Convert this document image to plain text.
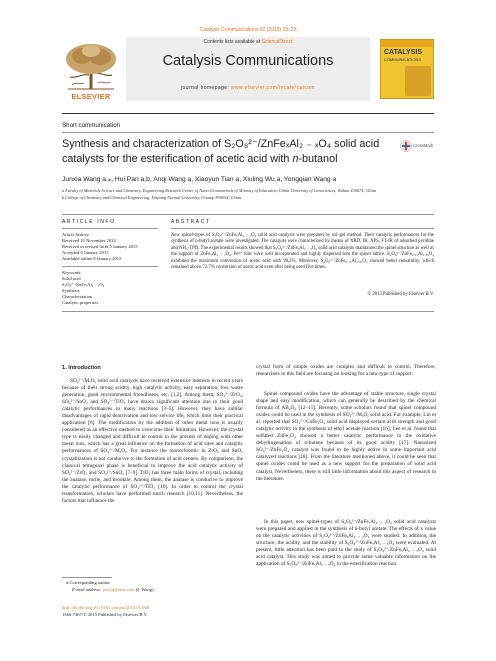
Catalysis Communications 62 (2015) 29–33
ELSEVIER
Contents lists available at ScienceDirect
Catalysis Communications
journal homepage: www.elsevier.com/locate/catcom
CATALYSIS
COMMUNICATIONS
Short communication
Synthesis and characterization of S₂O₈²⁻/ZnFeₓAl₂ ₋ ₓO₄ solid acid
catalysts for the esterification of acetic acid with n-butanol
CrossMark
Junxia Wang a,⁎, Hui Pan a,b, Anqi Wang a, Xiaoyun Tian a, Xiuling Wu a, Yongqian Wang a
a Faculty of Materials Science and Chemistry, Engineering Research Center of Nano-Geomaterials of Ministry of Education, China University of Geosciences, Wuhan 430074, China
b College of Chemistry and Chemical Engineering, Xinjiang Normal University, Urumqi 830054, China
ARTICLE INFO
Article history:
Received 10 November 2014
Received in revised form 5 January 2015
Accepted 6 January 2015
Available online 8 January 2015
Keywords:
Solid acid
S₂O₈²⁻/ZnFeₓAl₂ ₋ ₓO₄
Synthesis
Characterization
Catalytic properties
ABSTRACT
New spinel-types of S₂O₈²⁻/ZnFeₓAl₂ ₋ ₓO₄ solid acid catalysts were prepared by sol–gel method. Their catalytic performances for the synthesis of n-butyl acetate were investigated. The catalysts were characterized by means of XRD, IR, XPS, FT-IR of adsorbed pyridine and NH₃-TPD. The experimental results showed that S₂O₈²⁻/ZnFeₓAl₂ ₋ ₓO₄ solid acid catalysts maintained the spinel structure as well as the support of ZnFeₓAl₂ ₋ ₓO₄. Fe³⁺ ions were well incorporated and highly dispersed into the spinel lattice. S₂O₈²⁻/ZnFe₀.₁₅Al₁.₈₅O₄ exhibited the maximum conversion of acetic acid with 98.2%. Moreover, S₂O₈²⁻/ZnFe₀.₁₅Al₁.₈₅O₄ showed better reusability, which remained above 72.7% conversion of acetic acid even after being used five times.
© 2015 Published by Elsevier B.V.
1. Introduction
SO₄²⁻/MₓOᵧ solid acid catalysts have received extensive interests in recent years because of their strong acidity, high catalytic activity, easy separation, low waste generation, good environmental friendliness, etc. [1,2]. Among them, SO₄²⁻/ZrO₂, SO₄²⁻/SnO₂ and SO₄²⁻/TiO₂ have drawn significant attention due to their good catalytic performances in many reactions [3–5]. However, they have similar disadvantages of rapid deactivation and low service life, which limit their practical application [6]. The modification by the addition of other metal ions is usually considered as an effective method to overcome their limitation. However, the crystal type is easily changed and difficult to control in the process of doping with other metal ions, which has a great influence on the formation of acid sites and catalytic performances of SO₄²⁻/MₓOᵧ. For instance the monochromic in ZrO₂ and SnO₂ crystallization is not conducive to the formation of acid centers. By comparison, the classical tetragonal phase is beneficial to improve the acid catalytic activity of SO₄²⁻/ZrO₂ and SO₄²⁻/SnO₂ [7–9]. TiO₂ has three main forms of crystal, including the anatase, rutile, and brookite. Among them, the anatase is conducive to improve the catalytic performance of SO₄²⁻/TiO₂ [10]. In order to control the crystal transformation, scholars have performed much research [10,11]. Nevertheless, the factors that influence the
crystal form of simple oxides are complex and difficult to control. Therefore, researchers in this field are focusing on looking for a new type of support.
Spinel compound oxides have the advantage of stable structure, single crystal shape and easy modification, which can generally be described by the chemical formula of AB₂O₄ [12–15]. Recently, some scholars found that spinel compound oxides could be used in the synthesis of SO₄²⁻/MₓOᵧ solid acid. For example, Lin et al. reported that SO₄²⁻/CoFe₂O₄ solid acid displayed certain acid strength and good catalytic activity in the synthesis of ethyl acetate reaction [16]. Lee et al. found that sulfated ZnFe₂O₄ showed a better catalytic performance in the oxidative dehydrogenation of n-butene because of its good acidity [17]. Nanosized SO₄²⁻/ZnFe₂O₄ catalyst was found to be highly active in some important acid catalyzed reactions [18]. From the literature mentioned above, it could be seen that spinel oxides could be used as a new support for the preparation of solid acid catalyst. Nevertheless, there is still little information about this aspect of research in the literature.
In this paper, new spinel-types of S₂O₈²⁻/ZnFeₓAl₂ ₋ ₓO₄ solid acid catalysts were prepared and applied in the synthesis of n-butyl acetate. The effects of x value on the catalytic activities of S₂O₈²⁻/ZnFeₓAl₂ ₋ ₓO₄ were studied. In addition, the structure, the acidity, and the stability of S₂O₈²⁻/ZnFeₓAl₂ ₋ ₓO₄ were evaluated. At present, little attention has been paid to the study of S₂O₈²⁻/ZnFeₓAl₂ ₋ ₓO₄ solid acid catalyst. This study was aimed to provide some valuable information on the application of S₂O₈²⁻/ZnFeₓAl₂ ₋ ₓO₄ in the esterification reaction.
⁎ Corresponding author.
E-mail address: jxwyq@sina.com (J. Wang).
http://dx.doi.org/10.1016/j.catcom.2015.01.008
1566-7367/© 2015 Published by Elsevier B.V.
